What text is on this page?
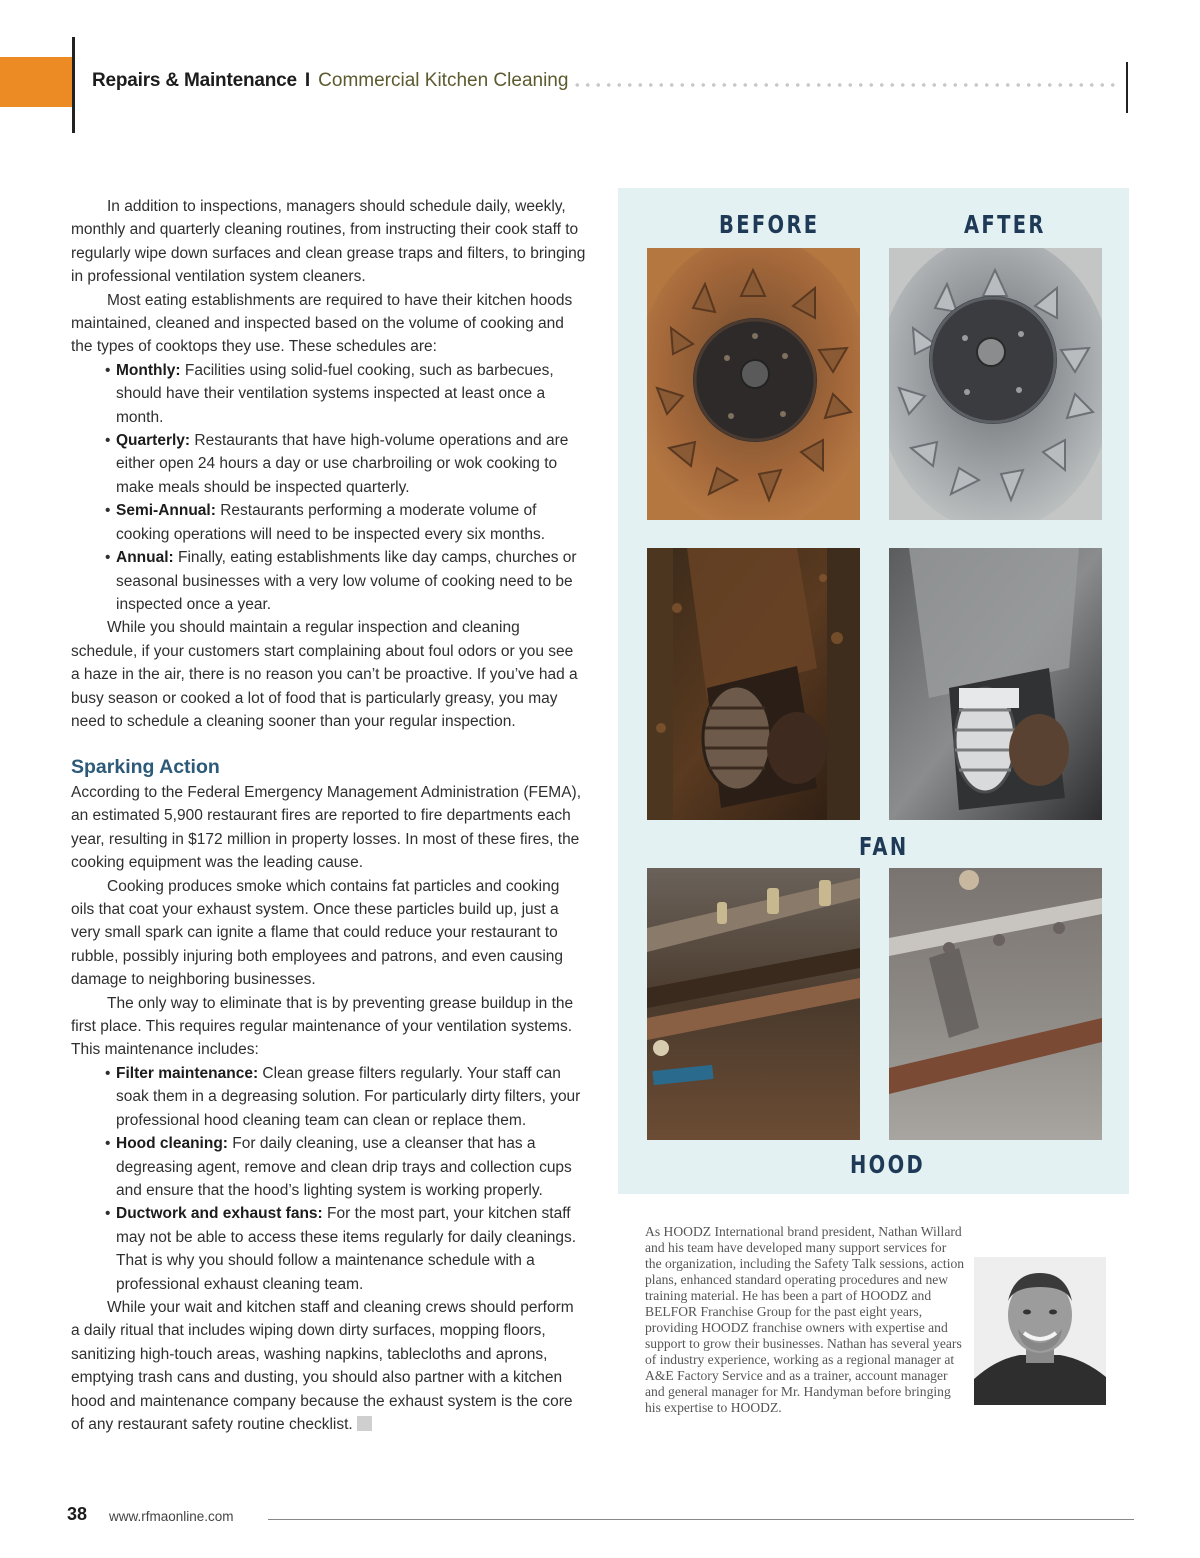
Repairs & Maintenance I Commercial Kitchen Cleaning

In addition to inspections, managers should schedule daily, weekly, monthly and quarterly cleaning routines, from instructing their cook staff to regularly wipe down surfaces and clean grease traps and filters, to bringing in professional ventilation system cleaners.

Most eating establishments are required to have their kitchen hoods maintained, cleaned and inspected based on the volume of cooking and the types of cooktops they use. These schedules are:

• Monthly: Facilities using solid-fuel cooking, such as barbecues, should have their ventilation systems inspected at least once a month.
• Quarterly: Restaurants that have high-volume operations and are either open 24 hours a day or use charbroiling or wok cooking to make meals should be inspected quarterly.
• Semi-Annual: Restaurants performing a moderate volume of cooking operations will need to be inspected every six months.
• Annual: Finally, eating establishments like day camps, churches or seasonal businesses with a very low volume of cooking need to be inspected once a year.

While you should maintain a regular inspection and cleaning schedule, if your customers start complaining about foul odors or you see a haze in the air, there is no reason you can’t be proactive. If you’ve had a busy season or cooked a lot of food that is particularly greasy, you may need to schedule a cleaning sooner than your regular inspection.

Sparking Action

According to the Federal Emergency Management Administration (FEMA), an estimated 5,900 restaurant fires are reported to fire departments each year, resulting in $172 million in property losses. In most of these fires, the cooking equipment was the leading cause.

Cooking produces smoke which contains fat particles and cooking oils that coat your exhaust system. Once these particles build up, just a very small spark can ignite a flame that could reduce your restaurant to rubble, possibly injuring both employees and patrons, and even causing damage to neighboring businesses.

The only way to eliminate that is by preventing grease buildup in the first place. This requires regular maintenance of your ventilation systems. This maintenance includes:

• Filter maintenance: Clean grease filters regularly. Your staff can soak them in a degreasing solution. For particularly dirty filters, your professional hood cleaning team can clean or replace them.
• Hood cleaning: For daily cleaning, use a cleanser that has a degreasing agent, remove and clean drip trays and collection cups and ensure that the hood’s lighting system is working properly.
• Ductwork and exhaust fans: For the most part, your kitchen staff may not be able to access these items regularly for daily cleanings. That is why you should follow a maintenance schedule with a professional exhaust cleaning team.

While your wait and kitchen staff and cleaning crews should perform a daily ritual that includes wiping down dirty surfaces, mopping floors, sanitizing high-touch areas, washing napkins, tablecloths and aprons, emptying trash cans and dusting, you should also partner with a kitchen hood and maintenance company because the exhaust system is the core of any restaurant safety routine checklist.

BEFORE	AFTER
FAN
HOOD
As HOODZ International brand president, Nathan Willard and his team have developed many support services for the organization, including the Safety Talk sessions, action plans, enhanced standard operating procedures and new training material. He has been a part of HOODZ and BELFOR Franchise Group for the past eight years, providing HOODZ franchise owners with expertise and support to grow their businesses. Nathan has several years of industry experience, working as a regional manager at A&E Factory Service and as a trainer, account manager and general manager for Mr. Handyman before bringing his expertise to HOODZ.
38 www.rfmaonline.com
